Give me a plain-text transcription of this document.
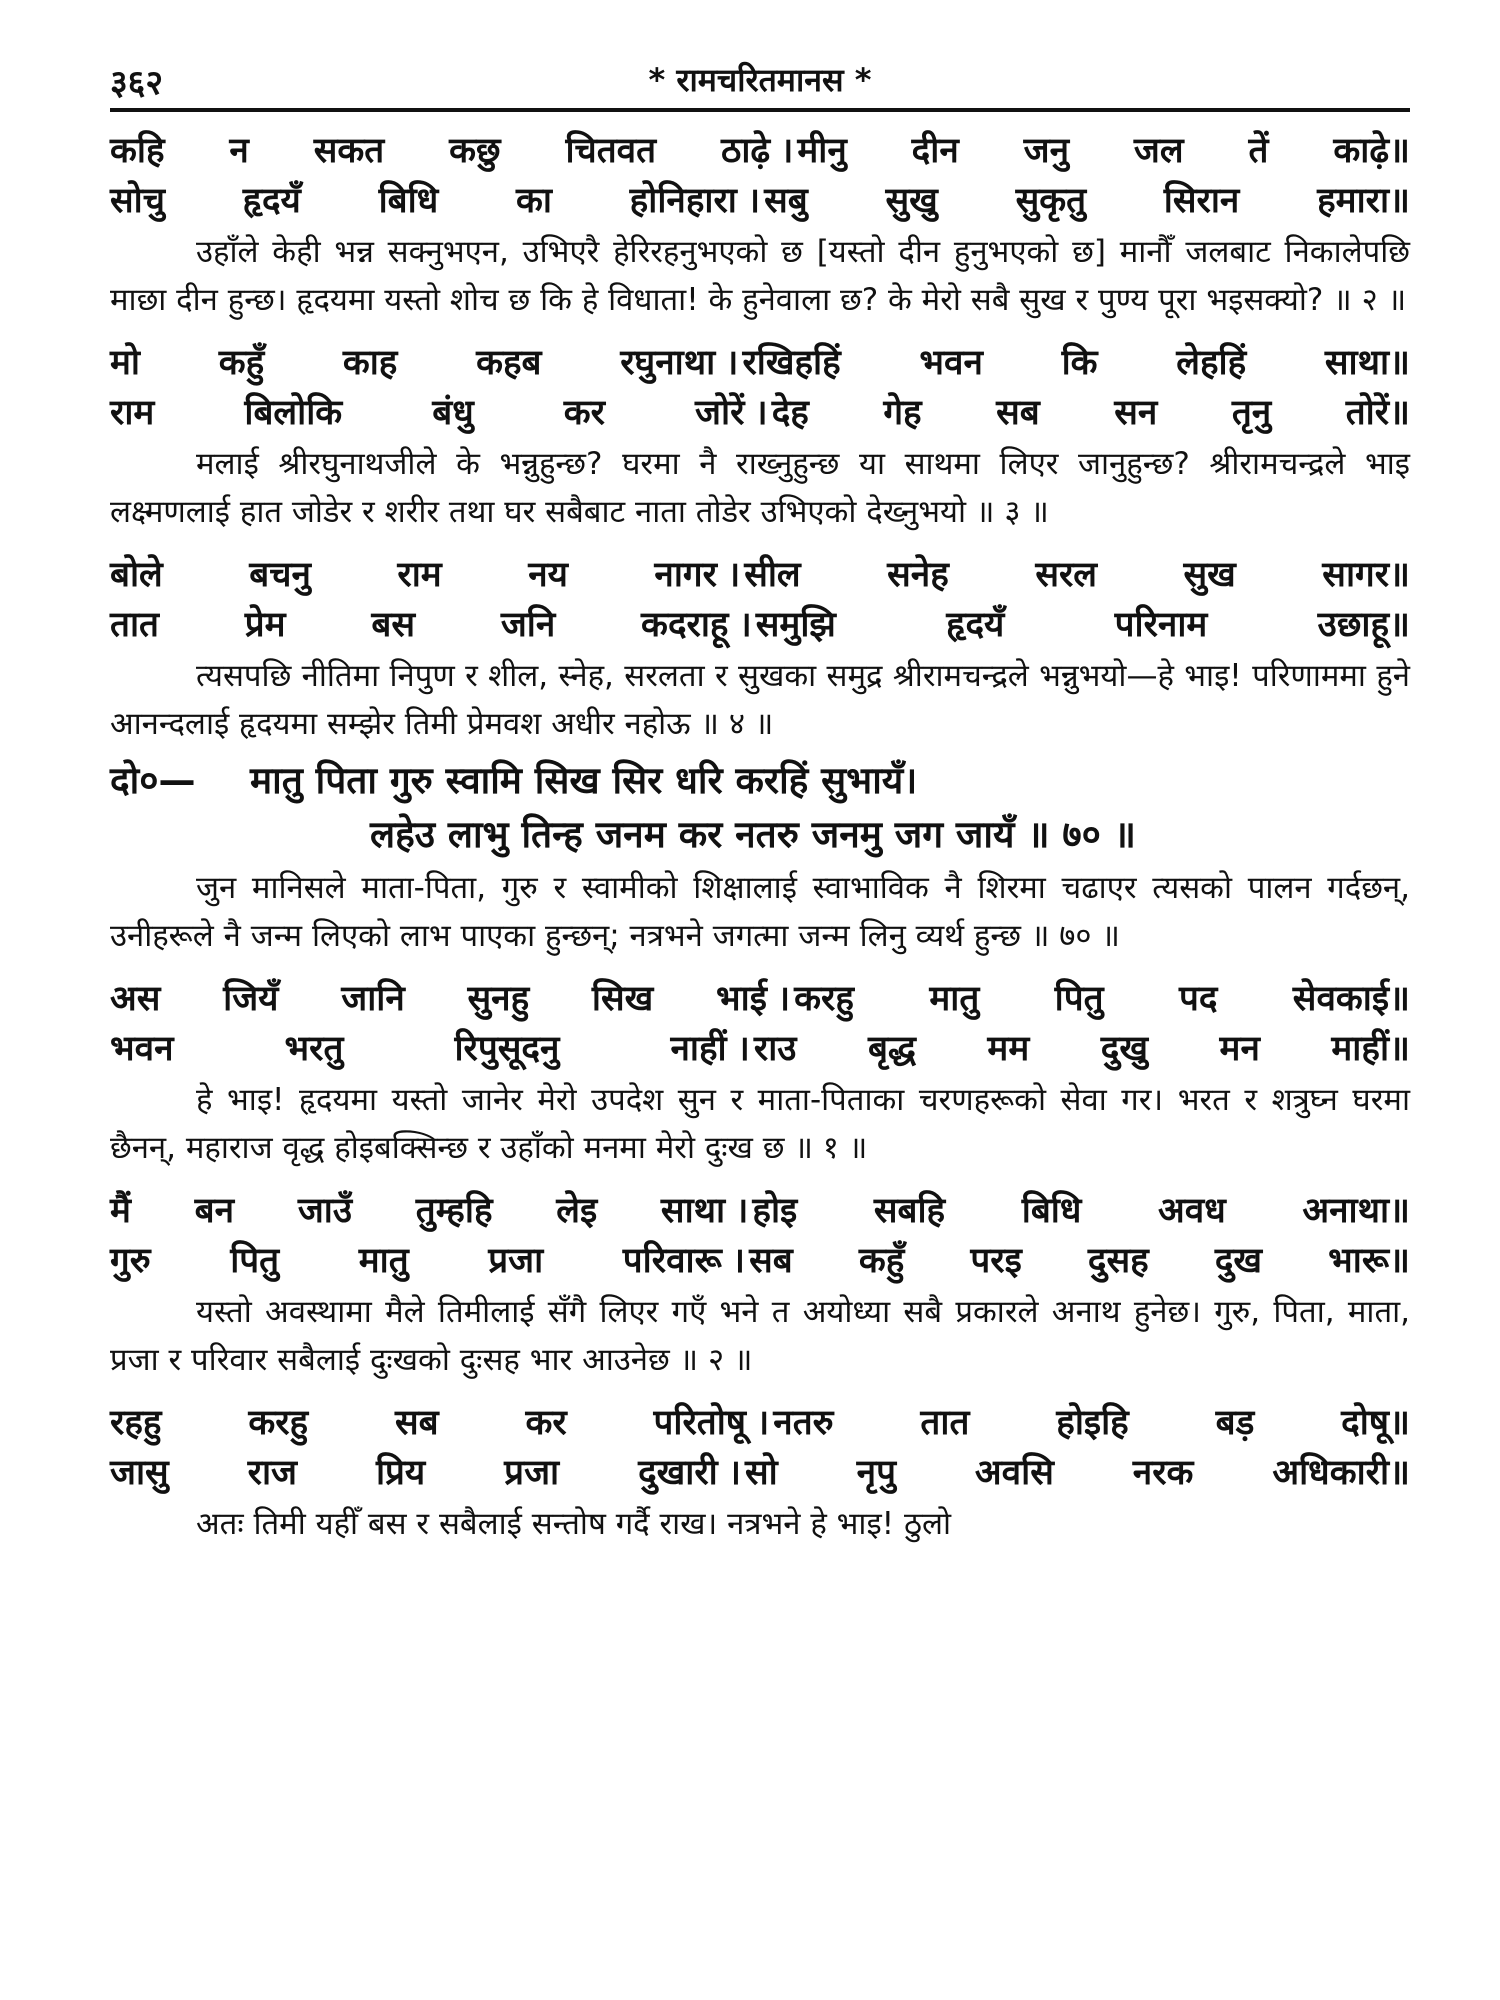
३६२	* रामचरितमानस *
कहि न सकत कछु चितवत ठाढ़े । मीनु दीन जनु जल तें काढ़े ॥
सोचु हृदयँ बिधि का होनिहारा । सबु सुखु सुकृतु सिरान हमारा ॥

उहाँले केही भन्न सक्नुभएन, उभिएरै हेरिरहनुभएको छ [यस्तो दीन हुनुभएको छ] मानौँ जलबाट निकालेपछि माछा दीन हुन्छ। हृदयमा यस्तो शोच छ कि हे विधाता! के हुनेवाला छ? के मेरो सबै सुख र पुण्य पूरा भइसक्यो? ॥ २ ॥

मो कहुँ काह कहब रघुनाथा । रखिहहिं भवन कि लेहहिं साथा ॥
राम बिलोकि बंधु कर जोरें । देह गेह सब सन तृनु तोरें ॥

मलाई श्रीरघुनाथजीले के भन्नुहुन्छ? घरमा नै राख्नुहुन्छ या साथमा लिएर जानुहुन्छ? श्रीरामचन्द्रले भाइ लक्ष्मणलाई हात जोडेर र शरीर तथा घर सबैबाट नाता तोडेर उभिएको देख्नुभयो ॥ ३ ॥

बोले बचनु राम नय नागर । सील सनेह सरल सुख सागर ॥
तात प्रेम बस जनि कदराहू । समुझि हृदयँ परिनाम उछाहू ॥

त्यसपछि नीतिमा निपुण र शील, स्नेह, सरलता र सुखका समुद्र श्रीरामचन्द्रले भन्नुभयो—हे भाइ! परिणाममा हुने आनन्दलाई हृदयमा सम्झेर तिमी प्रेमवश अधीर नहोऊ ॥ ४ ॥

दो०—	मातु पिता गुरु स्वामि सिख सिर धरि करहिं सुभायँ।
लहेउ लाभु तिन्ह जनम कर नतरु जनमु जग जायँ ॥ ७० ॥

जुन मानिसले माता-पिता, गुरु र स्वामीको शिक्षालाई स्वाभाविक नै शिरमा चढाएर त्यसको पालन गर्दछन्, उनीहरूले नै जन्म लिएको लाभ पाएका हुन्छन्; नत्रभने जगत्मा जन्म लिनु व्यर्थ हुन्छ ॥ ७० ॥

अस जियँ जानि सुनहु सिख भाई । करहु मातु पितु पद सेवकाई ॥
भवन भरतु रिपुसूदनु नाहीं । राउ बृद्ध मम दुखु मन माहीं ॥

हे भाइ! हृदयमा यस्तो जानेर मेरो उपदेश सुन र माता-पिताका चरणहरूको सेवा गर। भरत र शत्रुघ्न घरमा छैनन्, महाराज वृद्ध होइबक्सिन्छ र उहाँको मनमा मेरो दुःख छ ॥ १ ॥

मैं बन जाउँ तुम्हहि लेइ साथा । होइ सबहि बिधि अवध अनाथा ॥
गुरु पितु मातु प्रजा परिवारू । सब कहुँ परइ दुसह दुख भारू ॥

यस्तो अवस्थामा मैले तिमीलाई सँगै लिएर गएँ भने त अयोध्या सबै प्रकारले अनाथ हुनेछ। गुरु, पिता, माता, प्रजा र परिवार सबैलाई दुःखको दुःसह भार आउनेछ ॥ २ ॥

रहहु करहु सब कर परितोषू । नतरु तात होइहि बड़ दोषू ॥
जासु राज प्रिय प्रजा दुखारी । सो नृपु अवसि नरक अधिकारी ॥

अतः तिमी यहीँ बस र सबैलाई सन्तोष गर्दै राख। नत्रभने हे भाइ! ठुलो
